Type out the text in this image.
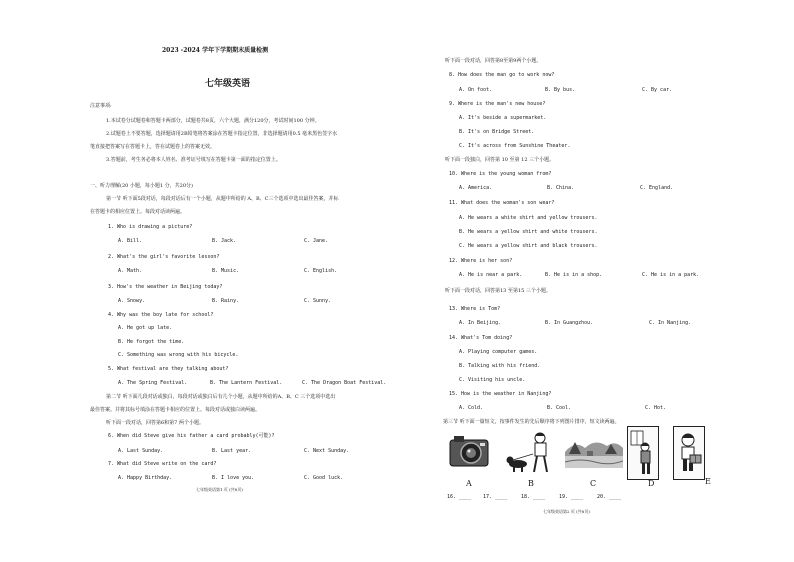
2023 -2024 学年下学期期末质量检测
七年级英语
注意事项:
1.本试卷分试题卷和答题卡两部分，试题卷共8页，六个大题，满分120分，考试时间100 分钟。
2.试题卷上不要答题，选择题请用2B铅笔将答案涂在答题卡指定位置，非选择题请用0.5 毫米黑色签字水
笔直接把答案写在答题卡上，答在试题卷上的答案无效。
3.答题前，考生务必将本人姓名、准考证号填写在答题卡第一面的指定位置上。
一、听力理解(20 小题，每小题1 分，共20分)
第一节 听下面5段对话，每段对话后有一个小题，从题中所给的 A、B、C三个选项中选出最佳答案，并标
在答题卡的相应位置上。每段对话读两遍。
1. Who is drawing a picture?
A. Bill.	B. Jack.	C. Jane.
2. What's the girl's favorite lesson?
A. Math.	B. Music.	C. English.
3. How's the weather in Beijing today?
A. Snowy.	B. Rainy.	C. Sunny.
4. Why was the boy late for school?
A. He got up late.
B. He forgot the time.
C. Something was wrong with his bicycle.
5. What festival are they talking about?
A. The Spring Festival.	B. The Lantern Festival.	C. The Dragon Boat Festival.
第二节 听下面几段对话或独白，每段对话或独白后有几个小题，从题中所给的A、B、C 三个选项中选出
最佳答案。并将其标号填涂在答题卡相应的位置上。每段对话或独白读两遍。
听下面一段对话，回答第6和第7 两个小题。
6. When did Steve give his father a card probably(可能)?
A. Last Sunday.	B. Last year.	C. Next Sunday.
7. What did Steve write on the card?
A. Happy Birthday.	B. I love you.	C. Good luck.
七年级英语第1 页 (共8页)
听下面一段对话，回答第8至第9两个小题。
8. How does the man go to work now?
A. On foot.	B. By bus.	C. By car.
9. Where is the man's new house?
A. It's beside a supermarket.
B. It's on Bridge Street.
C. It's across from Sunshine Theater.
听下面一段独白，回答第 10 至第 12 三个小题。
10. Where is the young woman from?
A. America.	B. China.	C. England.
11. What does the woman's son wear?
A. He wears a white shirt and yellow trousers.
B. He wears a yellow shirt and white trousers.
C. He wears a yellow shirt and black trousers.
12. Where is her son?
A. He is near a park.	B. He is in a shop.	C. He is in a park.
听下面一段对话，回答第13 至第15 三个小题。
13. Where is Tom?
A. In Beijing.	B. In Guangzhou.	C. In Nanjing.
14. What's Tom doing?
A. Playing computer games.
B. Talking with his friend.
C. Visiting his uncle.
15. How is the weather in Nanjing?
A. Cold.	B. Cool.	C. Hot.
第三节 听下面一篇短文，按事件发生的先后顺序将下列图片排序，短文读两遍。
A	B	C	D	E
16. ____ 17. ____	18. ____	19. ____	20. ____
七年级英语第2 页 (共8页)
